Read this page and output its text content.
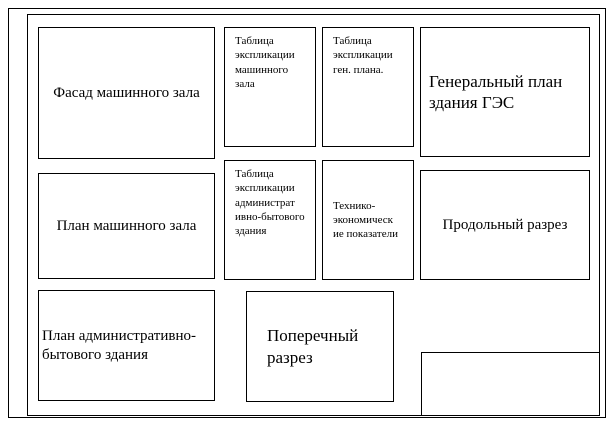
Фасад машинного зала
Таблица экспликации машинного зала
Таблица экспликации ген. плана.
Генеральный план здания ГЭС
План машинного зала
Таблица экспликации администрат ивно-бытового здания
Технико-экономическ ие показатели
Продольный разрез
План административно-бытового здания
Поперечный разрез
